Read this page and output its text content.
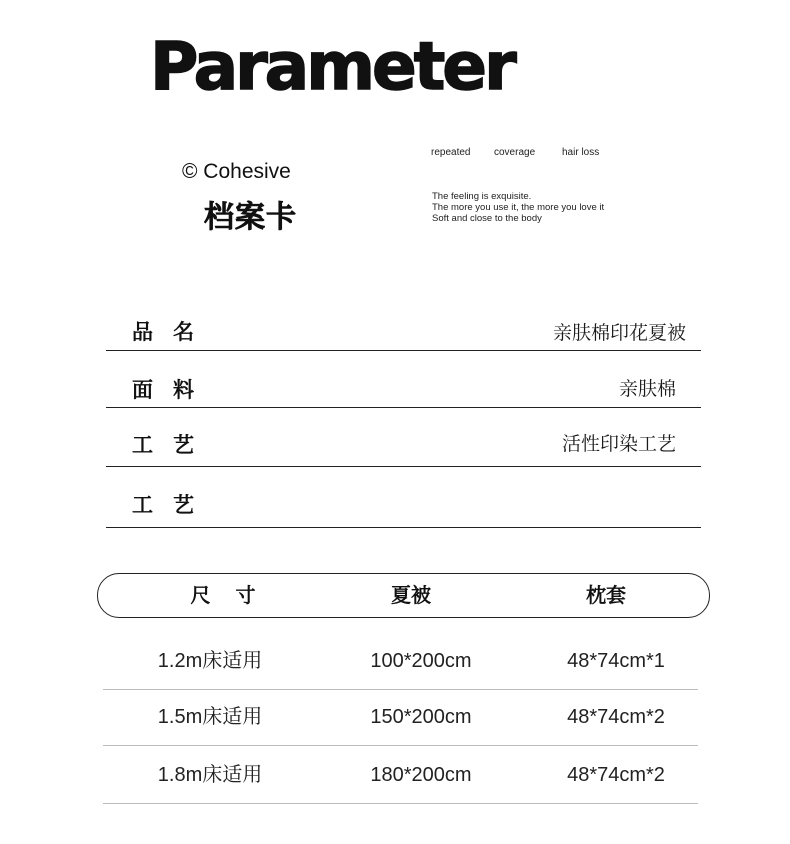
Parameter
© Cohesive
档案卡
repeated coverage	hair loss
The feeling is exquisite.
The more you use it, the more you love it
Soft and close to the body
品名	亲肤棉印花夏被
面料	亲肤棉
工艺	活性印染工艺
工艺
尺 寸	夏被	枕套
1.2m床适用	100*200cm	48*74cm*1
1.5m床适用	150*200cm	48*74cm*2
1.8m床适用	180*200cm	48*74cm*2
